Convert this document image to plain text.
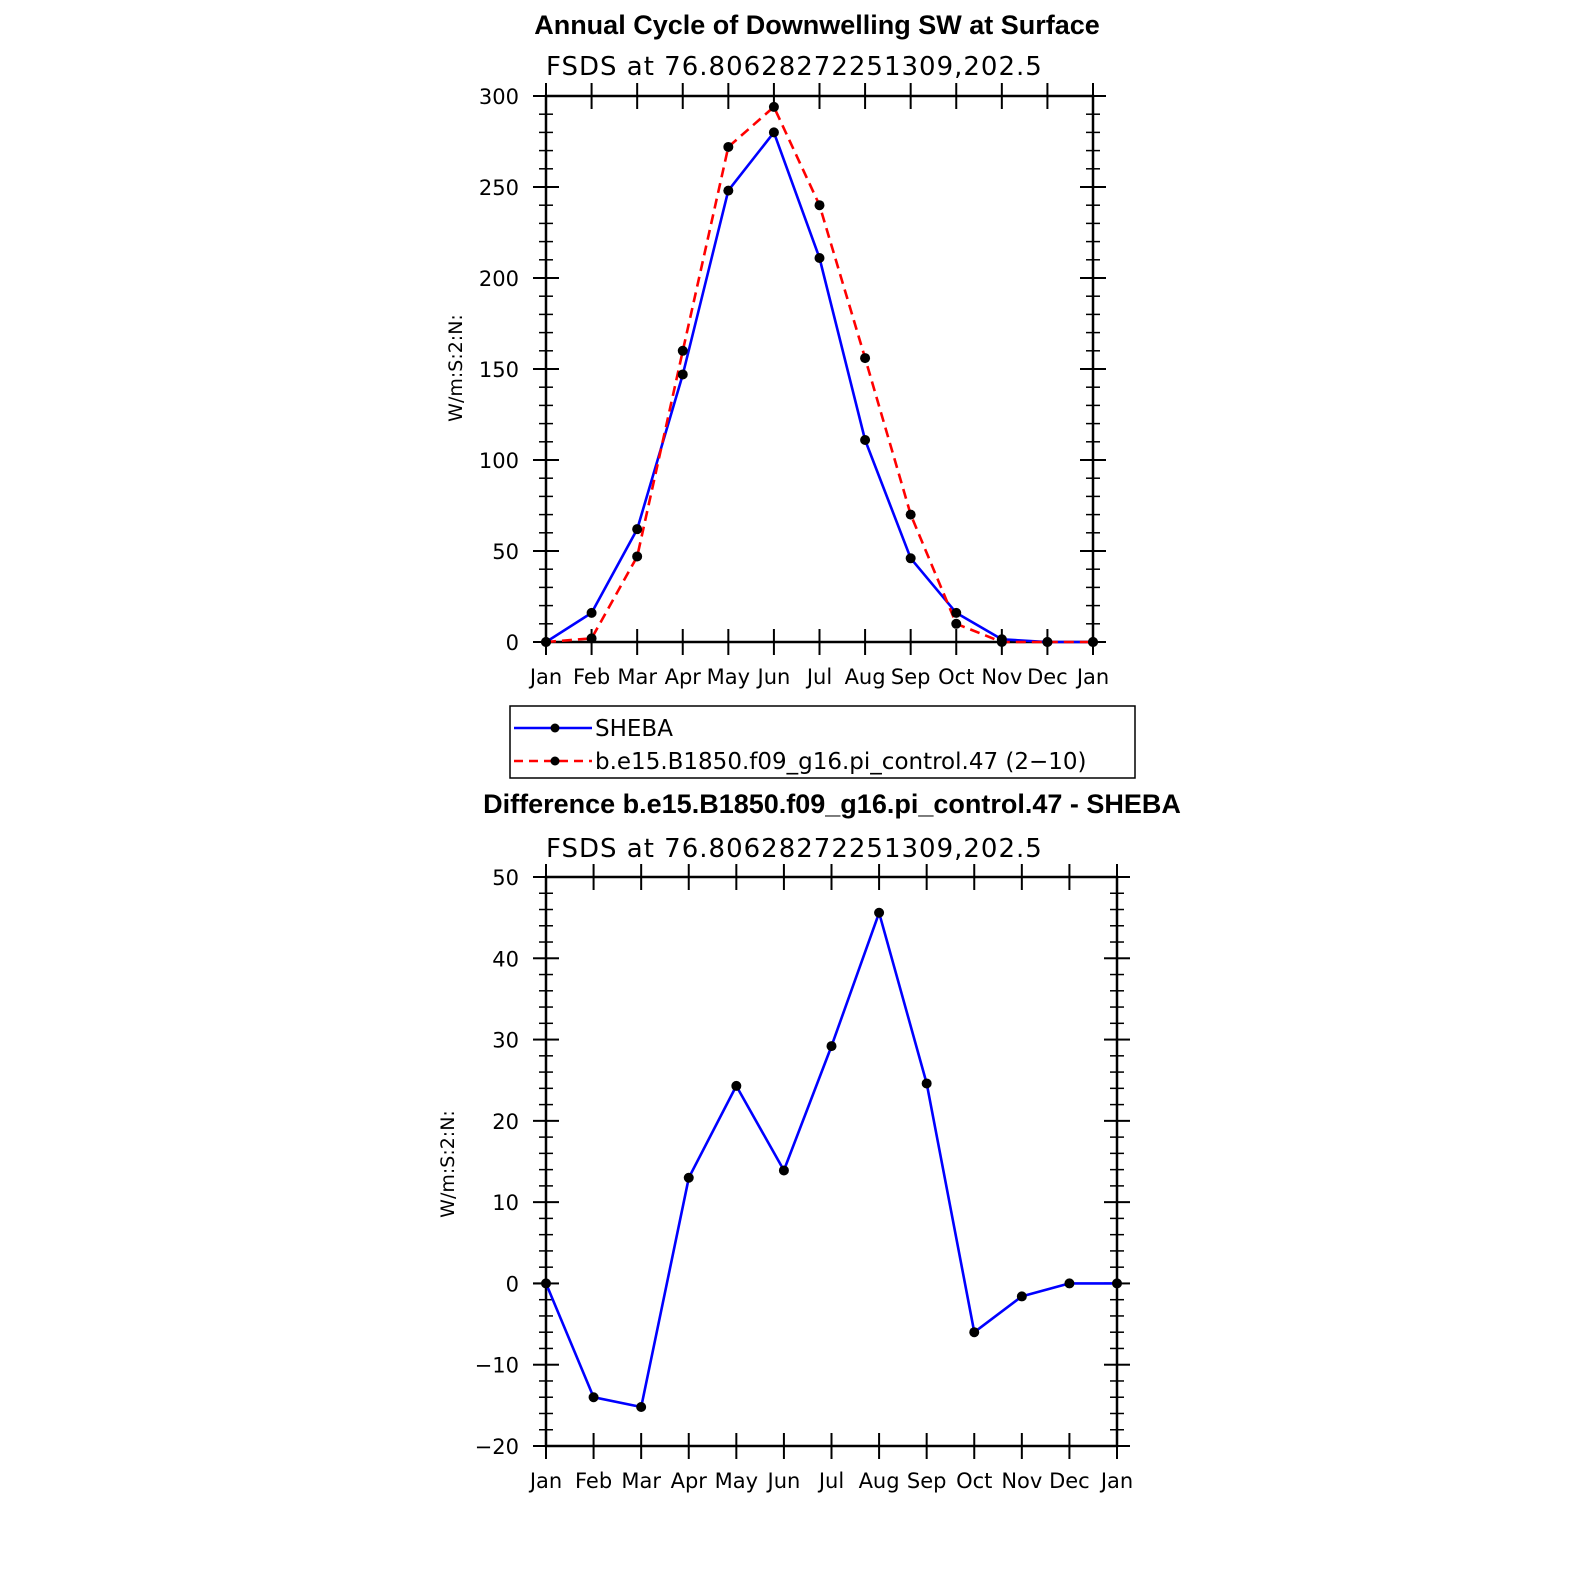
Annual Cycle of Downwelling SW at Surface
FSDS at 76.80628272251309,202.5
W/m:S:2:N:
0
50
100
150
200
250
300
Jan Feb Mar Apr May Jun Jul Aug Sep Oct Nov Dec Jan
SHEBA
b.e15.B1850.f09_g16.pi_control.47 (2−10)
Difference b.e15.B1850.f09_g16.pi_control.47 - SHEBA
FSDS at 76.80628272251309,202.5
W/m:S:2:N:
−20
−10
0
10
20
30
40
50
Jan Feb Mar Apr May Jun Jul Aug Sep Oct Nov Dec Jan
